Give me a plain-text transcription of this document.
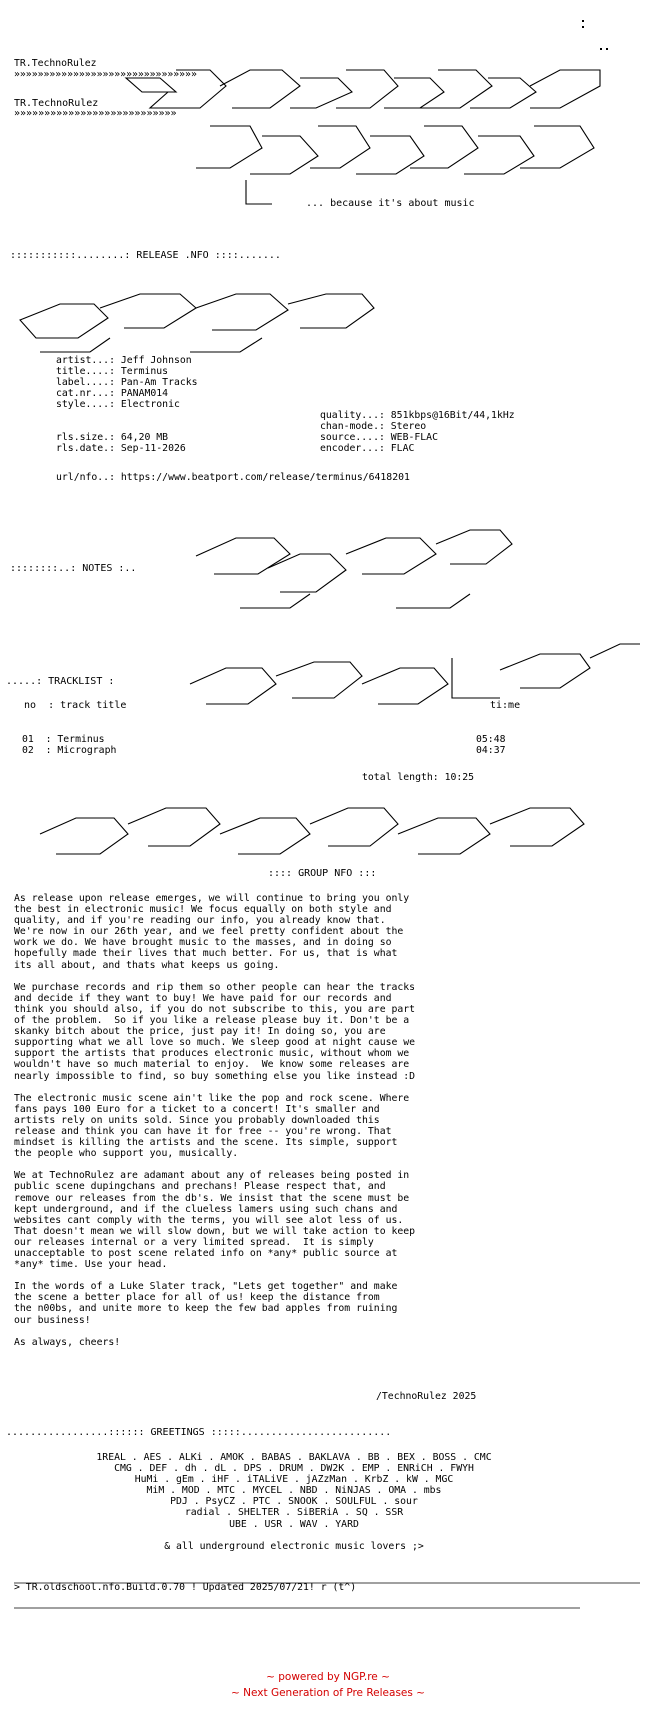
TR.TechnoRulez
»»»»»»»»»»»»»»»»»»»»»»»»»»»»»»»

TR.TechnoRulez
»»»»»»»»»»»»»»»»»»»»»»»»»»»
... because it's about music
:::::::::::........: RELEASE .NFO ::::.......
artist...: Jeff Johnson
title....: Terminus
label....: Pan-Am Tracks
cat.nr...: PANAM014
style....: Electronic

quality...: 851kbps@16Bit/44,1kHz
chan-mode.: Stereo
source....: WEB-FLAC
encoder...: FLAC

rls.size.: 64,20 MB
rls.date.: Sep-11-2026

url/nfo..: https://www.beatport.com/release/terminus/6418201
::::::::..: NOTES :..
.....: TRACKLIST :
no : track title	ti:me
01  : Terminus
02  : Micrograph

05:48
04:37

total length: 10:25
:::: GROUP NFO :::
As release upon release emerges, we will continue to bring you only
the best in electronic music! We focus equally on both style and
quality, and if you're reading our info, you already know that.
We're now in our 26th year, and we feel pretty confident about the
work we do. We have brought music to the masses, and in doing so
hopefully made their lives that much better. For us, that is what
its all about, and thats what keeps us going.

We purchase records and rip them so other people can hear the tracks
and decide if they want to buy! We have paid for our records and
think you should also, if you do not subscribe to this, you are part
of the problem.  So if you like a release please buy it. Don't be a
skanky bitch about the price, just pay it! In doing so, you are
supporting what we all love so much. We sleep good at night cause we
support the artists that produces electronic music, without whom we
wouldn't have so much material to enjoy.  We know some releases are
nearly impossible to find, so buy something else you like instead :D

The electronic music scene ain't like the pop and rock scene. Where
fans pays 100 Euro for a ticket to a concert! It's smaller and
artists rely on units sold. Since you probably downloaded this
release and think you can have it for free -- you're wrong. That
mindset is killing the artists and the scene. Its simple, support
the people who support you, musically.

We at TechnoRulez are adamant about any of releases being posted in
public scene dupingchans and prechans! Please respect that, and
remove our releases from the db's. We insist that the scene must be
kept underground, and if the clueless lamers using such chans and
websites cant comply with the terms, you will see alot less of us.
That doesn't mean we will slow down, but we will take action to keep
our releases internal or a very limited spread.  It is simply
unacceptable to post scene related info on *any* public source at
*any* time. Use your head.

In the words of a Luke Slater track, "Lets get together" and make
the scene a better place for all of us! keep the distance from
the n00bs, and unite more to keep the few bad apples from ruining
our business!

As always, cheers!
/TechnoRulez 2025
.................:::::: GREETINGS :::::.........................
1REAL . AES . ALKi . AMOK . BABAS . BAKLAVA . BB . BEX . BOSS . CMC
CMG . DEF . dh . dL . DPS . DRUM . DW2K . EMP . ENRiCH . FWYH
HuMi . gEm . iHF . iTALiVE . jAZzMan . KrbZ . kW . MGC
MiM . MOD . MTC . MYCEL . NBD . NiNJAS . OMA . mbs
PDJ . PsyCZ . PTC . SNOOK . SOULFUL . sour
radial . SHELTER . SiBERiA . SQ . SSR
UBE . USR . WAV . YARD
& all underground electronic music lovers ;>
> TR.oldschool.nfo.Build.0.70 ! Updated 2025/07/21! r (t^)
~ powered by NGP.re ~
~ Next Generation of Pre Releases ~
